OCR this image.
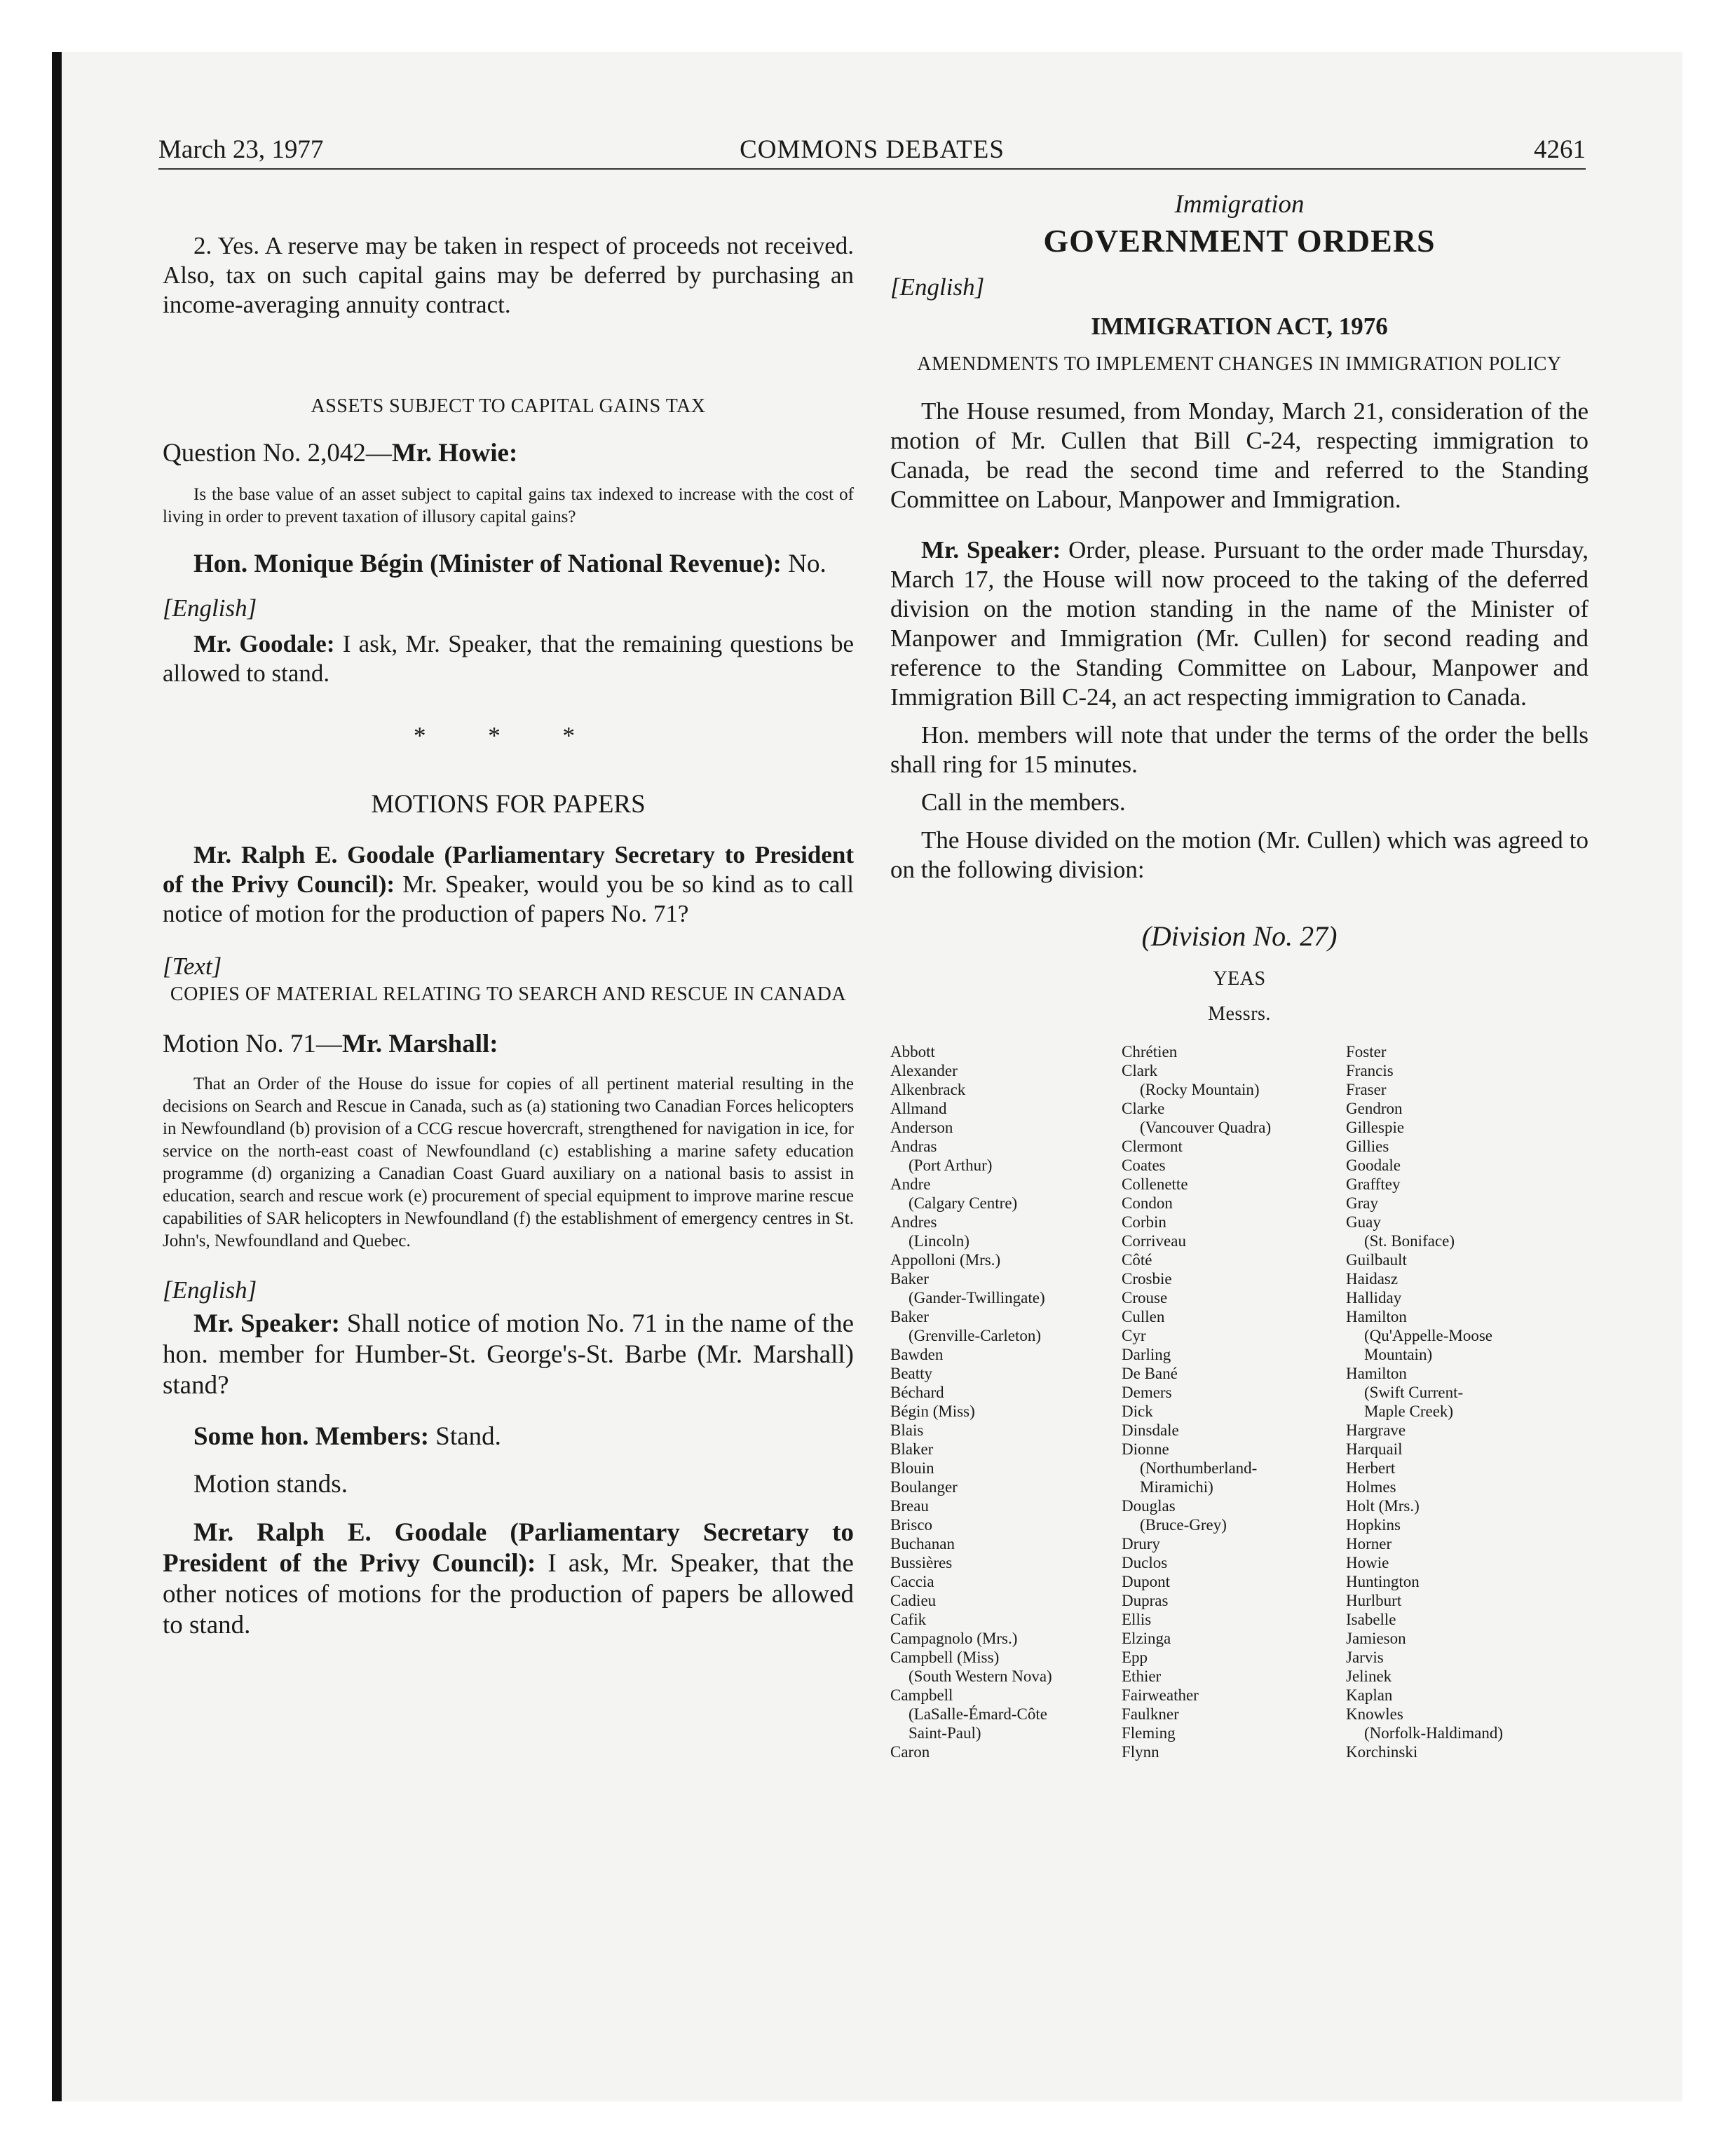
March 23, 1977	COMMONS DEBATES	4261

2. Yes. A reserve may be taken in respect of proceeds not received. Also, tax on such capital gains may be deferred by purchasing an income-averaging annuity contract.

ASSETS SUBJECT TO CAPITAL GAINS TAX

Question No. 2,042—Mr. Howie:

Is the base value of an asset subject to capital gains tax indexed to increase with the cost of living in order to prevent taxation of illusory capital gains?

Hon. Monique Bégin (Minister of National Revenue): No.

[English]

Mr. Goodale: I ask, Mr. Speaker, that the remaining questions be allowed to stand.

* * *

MOTIONS FOR PAPERS

Mr. Ralph E. Goodale (Parliamentary Secretary to President of the Privy Council): Mr. Speaker, would you be so kind as to call notice of motion for the production of papers No. 71?

[Text]

COPIES OF MATERIAL RELATING TO SEARCH AND RESCUE IN CANADA

Motion No. 71—Mr. Marshall:

That an Order of the House do issue for copies of all pertinent material resulting in the decisions on Search and Rescue in Canada, such as (a) stationing two Canadian Forces helicopters in Newfoundland (b) provision of a CCG rescue hovercraft, strengthened for navigation in ice, for service on the north-east coast of Newfoundland (c) establishing a marine safety education programme (d) organizing a Canadian Coast Guard auxiliary on a national basis to assist in education, search and rescue work (e) procurement of special equipment to improve marine rescue capabilities of SAR helicopters in Newfoundland (f) the establishment of emergency centres in St. John's, Newfoundland and Quebec.

[English]

Mr. Speaker: Shall notice of motion No. 71 in the name of the hon. member for Humber-St. George's-St. Barbe (Mr. Marshall) stand?

Some hon. Members: Stand.

Motion stands.

Mr. Ralph E. Goodale (Parliamentary Secretary to President of the Privy Council): I ask, Mr. Speaker, that the other notices of motions for the production of papers be allowed to stand.

Immigration

GOVERNMENT ORDERS

[English]

IMMIGRATION ACT, 1976

AMENDMENTS TO IMPLEMENT CHANGES IN IMMIGRATION POLICY

The House resumed, from Monday, March 21, consideration of the motion of Mr. Cullen that Bill C-24, respecting immigration to Canada, be read the second time and referred to the Standing Committee on Labour, Manpower and Immigration.

Mr. Speaker: Order, please. Pursuant to the order made Thursday, March 17, the House will now proceed to the taking of the deferred division on the motion standing in the name of the Minister of Manpower and Immigration (Mr. Cullen) for second reading and reference to the Standing Committee on Labour, Manpower and Immigration Bill C-24, an act respecting immigration to Canada.

Hon. members will note that under the terms of the order the bells shall ring for 15 minutes.

Call in the members.

The House divided on the motion (Mr. Cullen) which was agreed to on the following division:

(Division No. 27)

YEAS

Messrs.

Abbott
Alexander
Alkenbrack
Allmand
Anderson
Andras
(Port Arthur)
Andre
(Calgary Centre)
Andres
(Lincoln)
Appolloni (Mrs.)
Baker
(Gander-Twillingate)
Baker
(Grenville-Carleton)
Bawden
Beatty
Béchard
Bégin (Miss)
Blais
Blaker
Blouin
Boulanger
Breau
Brisco
Buchanan
Bussières
Caccia
Cadieu
Cafik
Campagnolo (Mrs.)
Campbell (Miss)
(South Western Nova)
Campbell
(LaSalle-Émard-Côte
Saint-Paul)
Caron
Chrétien
Clark
(Rocky Mountain)
Clarke
(Vancouver Quadra)
Clermont
Coates
Collenette
Condon
Corbin
Corriveau
Côté
Crosbie
Crouse
Cullen
Cyr
Darling
De Bané
Demers
Dick
Dinsdale
Dionne
(Northumberland-
Miramichi)
Douglas
(Bruce-Grey)
Drury
Duclos
Dupont
Dupras
Ellis
Elzinga
Epp
Ethier
Fairweather
Faulkner
Fleming
Flynn
Foster
Francis
Fraser
Gendron
Gillespie
Gillies
Goodale
Grafftey
Gray
Guay
(St. Boniface)
Guilbault
Haidasz
Halliday
Hamilton
(Qu'Appelle-Moose
Mountain)
Hamilton
(Swift Current-
Maple Creek)
Hargrave
Harquail
Herbert
Holmes
Holt (Mrs.)
Hopkins
Horner
Howie
Huntington
Hurlburt
Isabelle
Jamieson
Jarvis
Jelinek
Kaplan
Knowles
(Norfolk-Haldimand)
Korchinski
